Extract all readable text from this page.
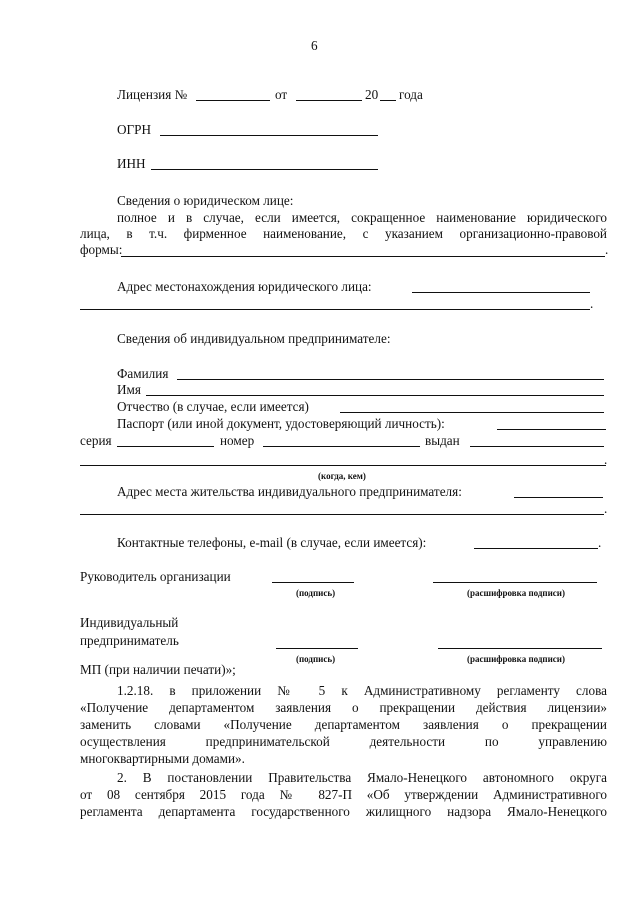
6
Лицензия №	от	20 года
ОГРН
ИНН
Сведения о юридическом лице:
полное и в случае, если имеется, сокращенное наименование юридического
лица, в т.ч. фирменное наименование, с указанием организационно-правовой
формы:	.
Адрес местонахождения юридического лица:
.
Сведения об индивидуальном предпринимателе:
Фамилия
Имя
Отчество (в случае, если имеется)
Паспорт (или иной документ, удостоверяющий личность):
серия	номер	выдан
.
(когда, кем)
Адрес места жительства индивидуального предпринимателя:
.
Контактные телефоны, e-mail (в случае, если имеется):	.
Руководитель организации
(подпись)	(расшифровка подписи)
Индивидуальный
предприниматель
(подпись)	(расшифровка подписи)
МП (при наличии печати)»;
1.2.18. в приложении № 5 к Административному регламенту слова
«Получение департаментом заявления о прекращении действия лицензии»
заменить словами «Получение департаментом заявления о прекращении
осуществления предпринимательской деятельности по управлению
многоквартирными домами».
2. В постановлении Правительства Ямало-Ненецкого автономного округа
от 08 сентября 2015 года № 827-П «Об утверждении Административного
регламента департамента государственного жилищного надзора Ямало-Ненецкого
